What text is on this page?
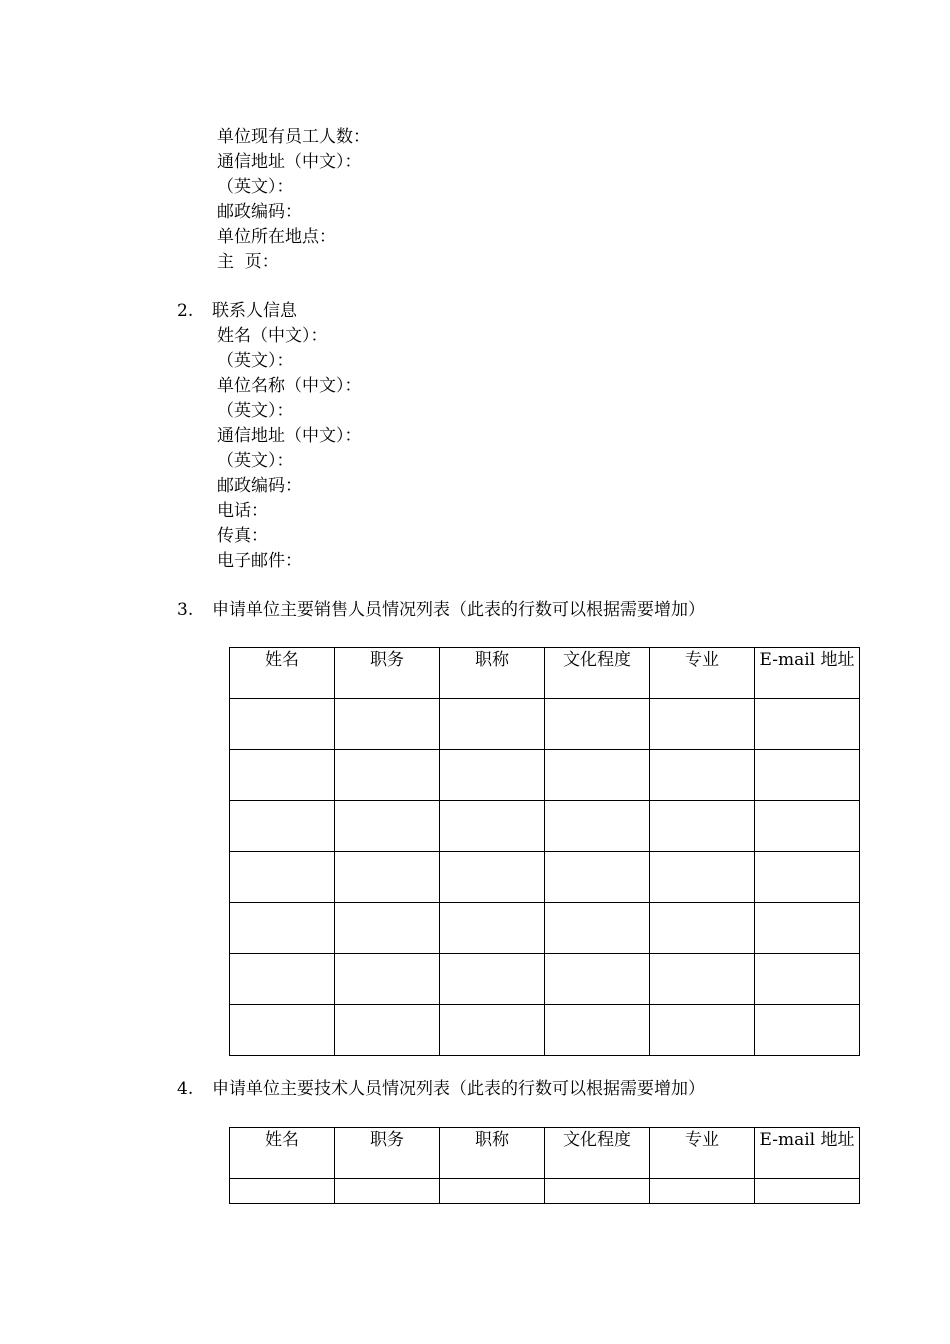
单位现有员工人数：
通信地址（中文）：
（英文）：
邮政编码：
单位所在地点：
主  页：
2. 联系人信息
姓名（中文）：
（英文）：
单位名称（中文）：
（英文）：
通信地址（中文）：
（英文）：
邮政编码：
电话：
传真：
电子邮件：
3. 申请单位主要销售人员情况列表（此表的行数可以根据需要增加）
姓名	职务	职称	文化程度	专业	E-mail 地址

4. 申请单位主要技术人员情况列表（此表的行数可以根据需要增加）
姓名	职务	职称	文化程度	专业	E-mail 地址
